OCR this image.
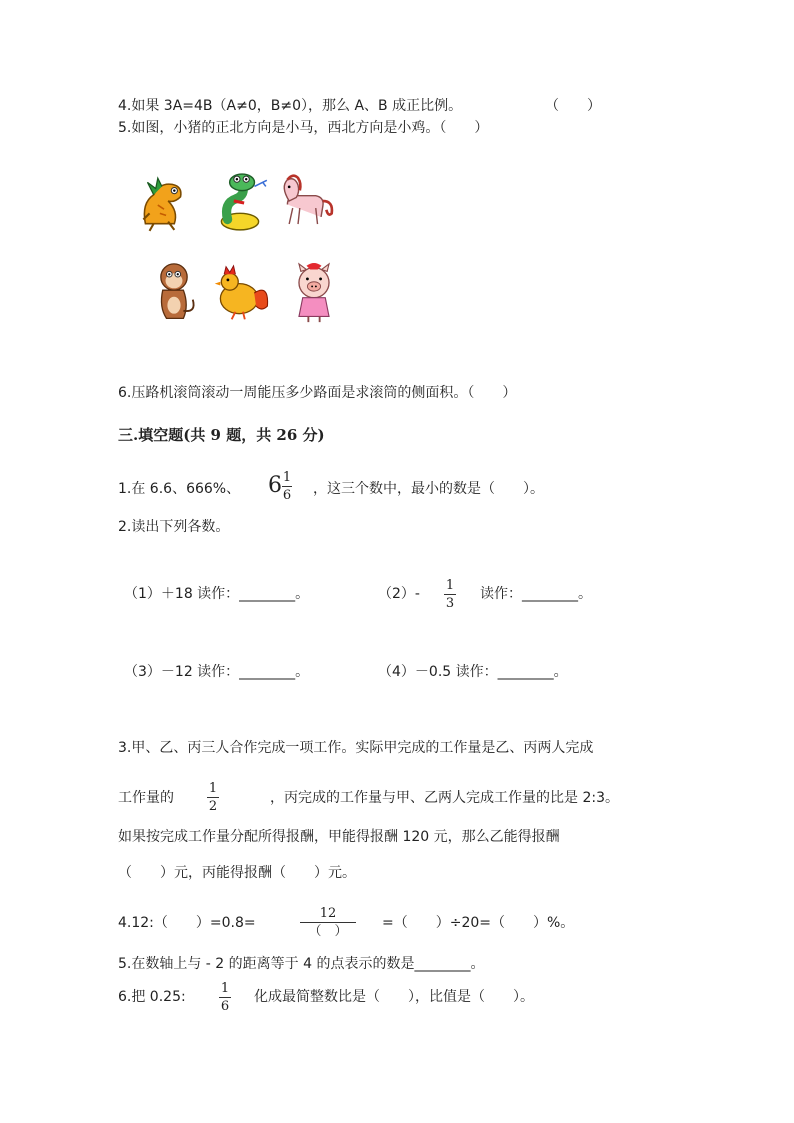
4.如果 3A=4B（A≠0，B≠0），那么 A、B 成正比例。	（　　）
5.如图，小猪的正北方向是小马，西北方向是小鸡。（　　）
6.压路机滚筒滚动一周能压多少路面是求滚筒的侧面积。（　　）
三.填空题(共 9 题，共 26 分)
1.在 6.6、666%、 6 1
6 ，这三个数中，最小的数是（　　）。
2.读出下列各数。
（1）＋18 读作：________。	（2）-
1
3
读作：________。
（3）－12 读作：________。	（4）－0.5 读作：________。
3.甲、乙、丙三人合作完成一项工作。实际甲完成的工作量是乙、丙两人完成
工作量的
1
2
，丙完成的工作量与甲、乙两人完成工作量的比是 2:3。
如果按完成工作量分配所得报酬，甲能得报酬 120 元，那么乙能得报酬
（　　）元，丙能得报酬（　　）元。
4.12:（　　）=0.8=
12
（　）
=（　　）÷20=（　　）%。
5.在数轴上与 - 2 的距离等于 4 的点表示的数是________。
6.把 0.25:
1
6
化成最简整数比是（　　），比值是（　　）。
